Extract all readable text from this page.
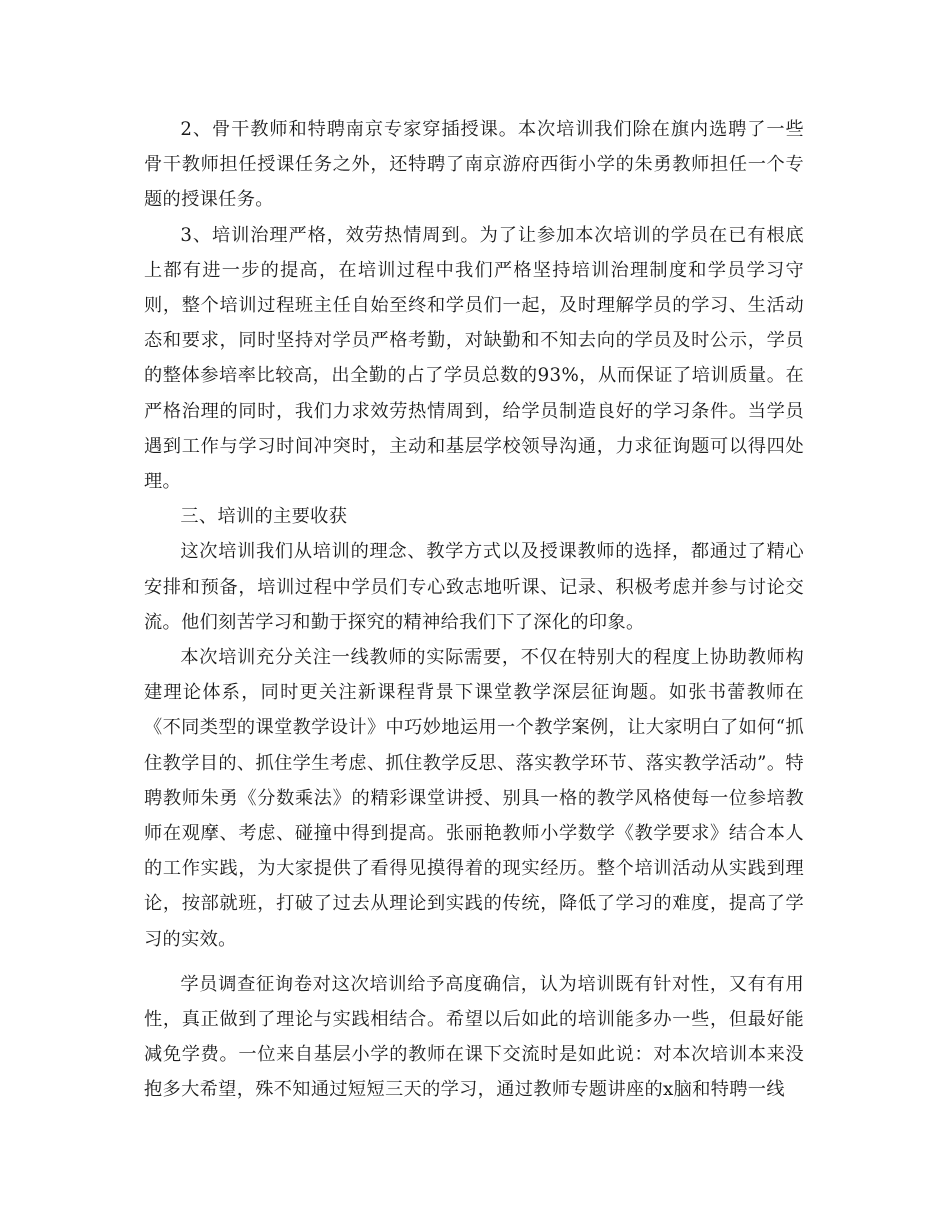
2、骨干教师和特聘南京专家穿插授课。本次培训我们除在旗内选聘了一些骨干教师担任授课任务之外，还特聘了南京游府西街小学的朱勇教师担任一个专题的授课任务。

3、培训治理严格，效劳热情周到。为了让参加本次培训的学员在已有根底上都有进一步的提高，在培训过程中我们严格坚持培训治理制度和学员学习守则，整个培训过程班主任自始至终和学员们一起，及时理解学员的学习、生活动态和要求，同时坚持对学员严格考勤，对缺勤和不知去向的学员及时公示，学员的整体参培率比较高，出全勤的占了学员总数的93%，从而保证了培训质量。在严格治理的同时，我们力求效劳热情周到，给学员制造良好的学习条件。当学员遇到工作与学习时间冲突时，主动和基层学校领导沟通，力求征询题可以得四处理。

三、培训的主要收获

这次培训我们从培训的理念、教学方式以及授课教师的选择，都通过了精心安排和预备，培训过程中学员们专心致志地听课、记录、积极考虑并参与讨论交流。他们刻苦学习和勤于探究的精神给我们下了深化的印象。

本次培训充分关注一线教师的实际需要，不仅在特别大的程度上协助教师构建理论体系，同时更关注新课程背景下课堂教学深层征询题。如张书蕾教师在《不同类型的课堂教学设计》中巧妙地运用一个教学案例，让大家明白了如何“抓住教学目的、抓住学生考虑、抓住教学反思、落实教学环节、落实教学活动”。特聘教师朱勇《分数乘法》的精彩课堂讲授、别具一格的教学风格使每一位参培教师在观摩、考虑、碰撞中得到提高。张丽艳教师小学数学《教学要求》结合本人的工作实践，为大家提供了看得见摸得着的现实经历。整个培训活动从实践到理论，按部就班，打破了过去从理论到实践的传统，降低了学习的难度，提高了学习的实效。

学员调查征询卷对这次培训给予高度确信，认为培训既有针对性，又有有用性，真正做到了理论与实践相结合。希望以后如此的培训能多办一些，但最好能减免学费。一位来自基层小学的教师在课下交流时是如此说：对本次培训本来没抱多大希望，殊不知通过短短三天的学习，通过教师专题讲座的x脑和特聘一线
